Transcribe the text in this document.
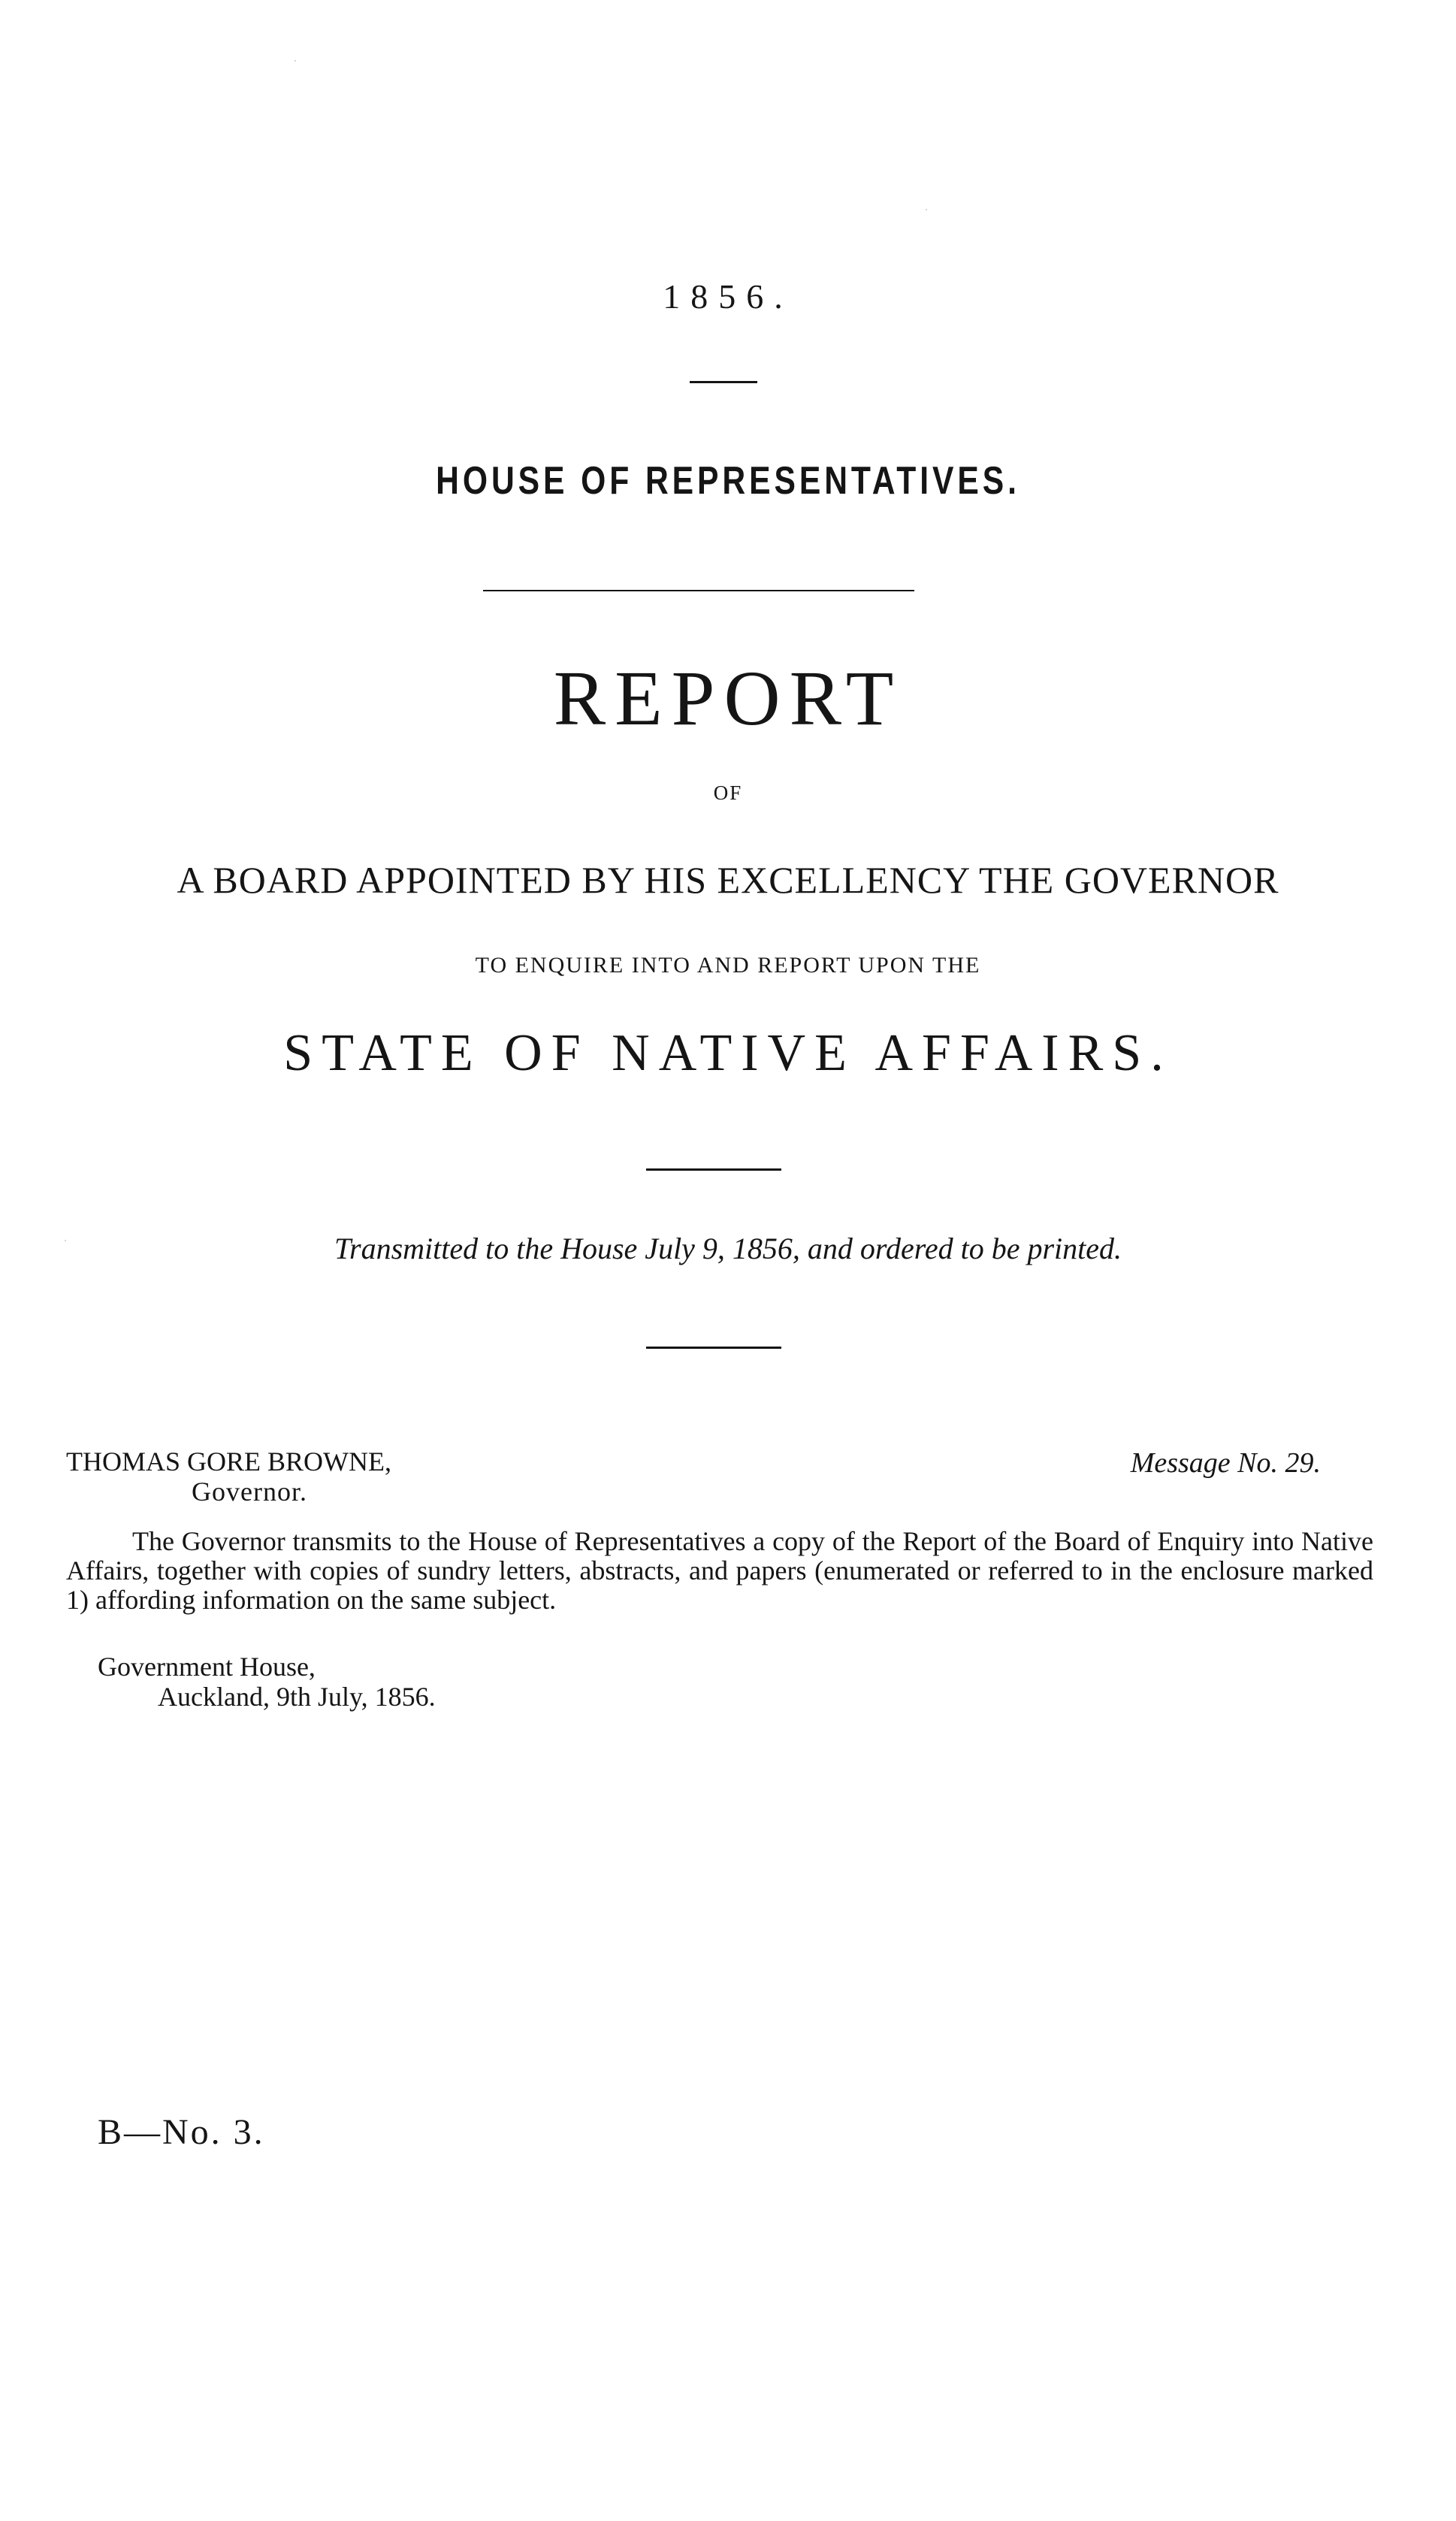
1856.
HOUSE OF REPRESENTATIVES.
REPORT
OF
A BOARD APPOINTED BY HIS EXCELLENCY THE GOVERNOR
TO ENQUIRE INTO AND REPORT UPON THE
STATE OF NATIVE AFFAIRS.
Transmitted to the House July 9, 1856, and ordered to be printed.
THOMAS GORE BROWNE,
Governor.
Message No. 29.

The Governor transmits to the House of Representatives a copy of the Report of the Board of Enquiry into Native Affairs, together with copies of sundry letters, abstracts, and papers (enumerated or referred to in the enclosure marked 1) affording information on the same subject.

Government House,
Auckland, 9th July, 1856.
B—No. 3.
